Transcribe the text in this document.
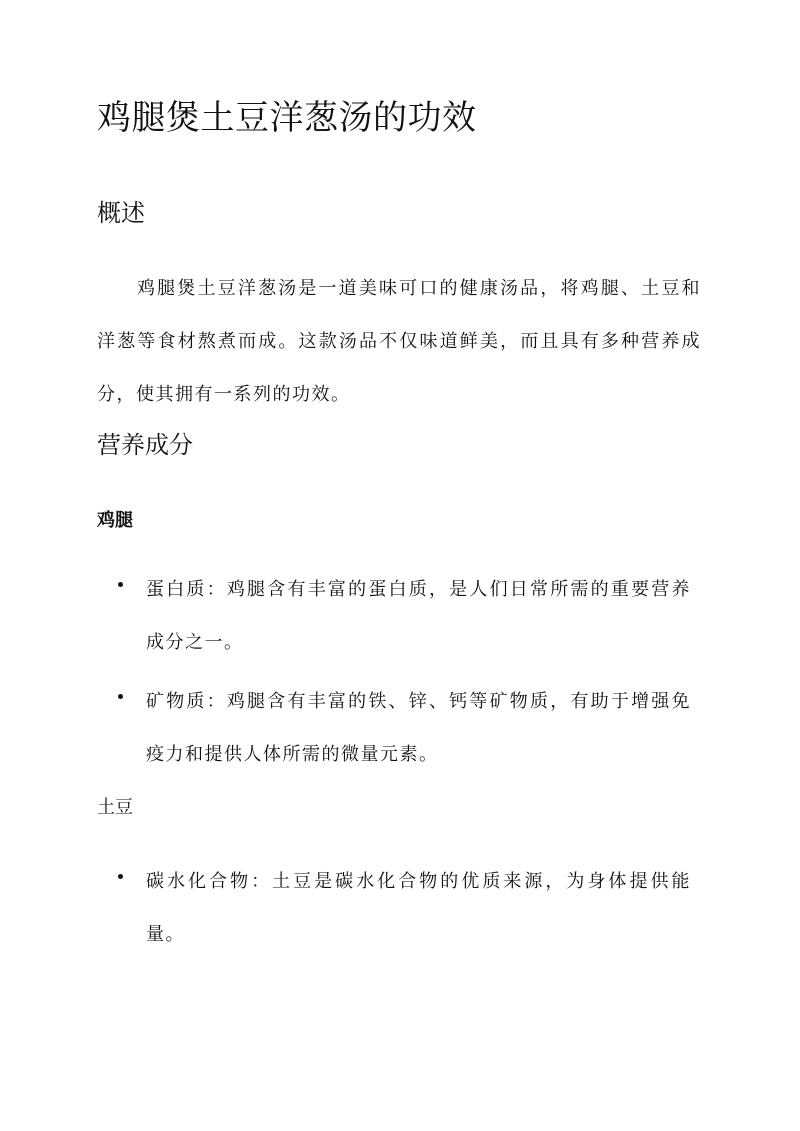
鸡腿煲土豆洋葱汤的功效
概述

鸡腿煲土豆洋葱汤是一道美味可口的健康汤品，将鸡腿、土豆和洋葱等食材熬煮而成。这款汤品不仅味道鲜美，而且具有多种营养成分，使其拥有一系列的功效。

营养成分
鸡腿
蛋白质：鸡腿含有丰富的蛋白质，是人们日常所需的重要营养成分之一。
矿物质：鸡腿含有丰富的铁、锌、钙等矿物质，有助于增强免疫力和提供人体所需的微量元素。
土豆
碳水化合物：土豆是碳水化合物的优质来源，为身体提供能量。
